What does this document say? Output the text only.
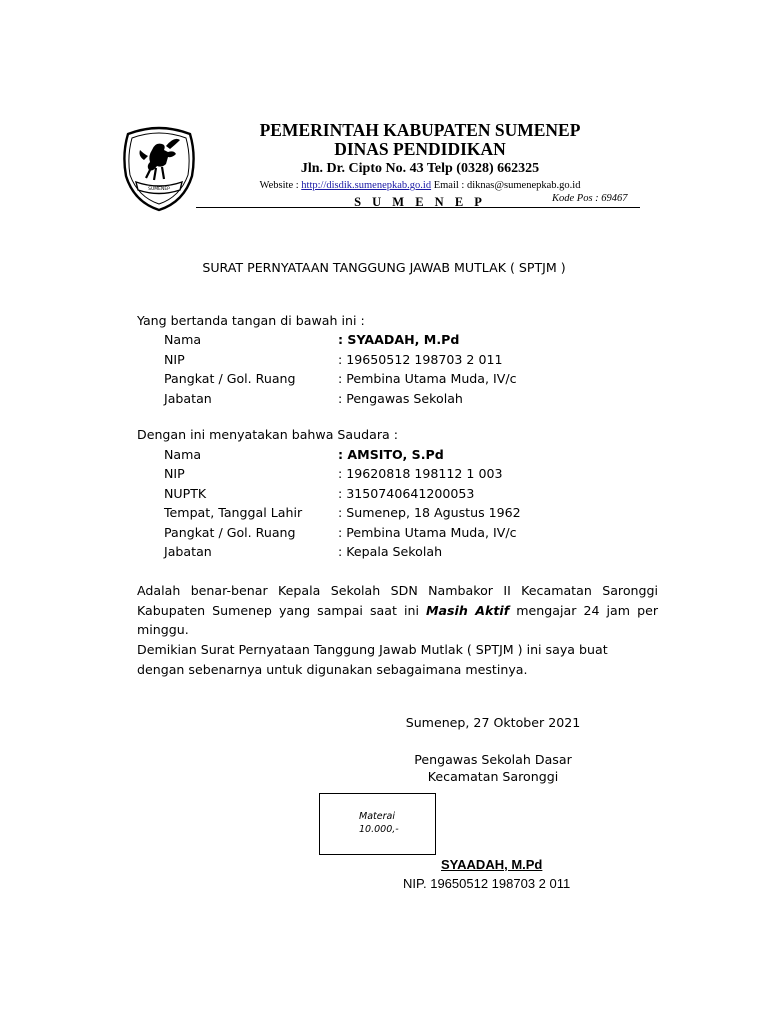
SUMENEP
PEMERINTAH KABUPATEN SUMENEP
DINAS PENDIDIKAN
Jln. Dr. Cipto No. 43 Telp (0328) 662325
Website : http://disdik.sumenepkab.go.id Email : diknas@sumenepkab.go.id
S U M E N E P	Kode Pos : 69467
SURAT PERNYATAAN TANGGUNG JAWAB MUTLAK ( SPTJM )
Yang bertanda tangan di bawah ini :
Nama	: SYAADAH, M.Pd
NIP	: 19650512 198703 2 011
Pangkat / Gol. Ruang	: Pembina Utama Muda, IV/c
Jabatan	: Pengawas Sekolah
Dengan ini menyatakan bahwa Saudara :
Nama	: AMSITO, S.Pd
NIP	: 19620818 198112 1 003
NUPTK	: 3150740641200053
Tempat, Tanggal Lahir	: Sumenep, 18 Agustus 1962
Pangkat / Gol. Ruang	: Pembina Utama Muda, IV/c
Jabatan	: Kepala Sekolah
Adalah benar-benar Kepala Sekolah SDN Nambakor II Kecamatan Saronggi Kabupaten Sumenep yang sampai saat ini Masih Aktif mengajar 24 jam per minggu.
Demikian Surat Pernyataan Tanggung Jawab Mutlak ( SPTJM ) ini saya buat dengan sebenarnya untuk digunakan sebagaimana mestinya.
Sumenep, 27 Oktober 2021
Pengawas Sekolah Dasar
Kecamatan Saronggi
Materai
10.000,-
SYAADAH, M.Pd
NIP. 19650512 198703 2 011
